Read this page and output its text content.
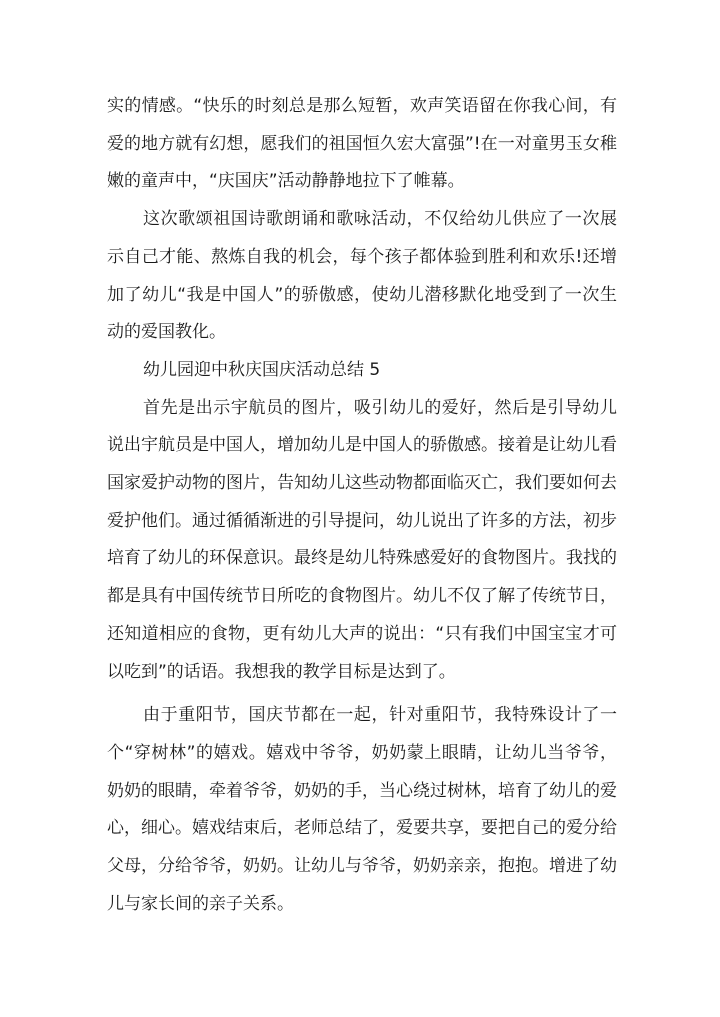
实的情感。“快乐的时刻总是那么短暂，欢声笑语留在你我心间，有爱的地方就有幻想，愿我们的祖国恒久宏大富强”!在一对童男玉女稚嫩的童声中，“庆国庆”活动静静地拉下了帷幕。

这次歌颂祖国诗歌朗诵和歌咏活动，不仅给幼儿供应了一次展示自己才能、熬炼自我的机会，每个孩子都体验到胜利和欢乐!还增加了幼儿“我是中国人”的骄傲感，使幼儿潜移默化地受到了一次生动的爱国教化。

幼儿园迎中秋庆国庆活动总结 5

首先是出示宇航员的图片，吸引幼儿的爱好，然后是引导幼儿说出宇航员是中国人，增加幼儿是中国人的骄傲感。接着是让幼儿看国家爱护动物的图片，告知幼儿这些动物都面临灭亡，我们要如何去爱护他们。通过循循渐进的引导提问，幼儿说出了许多的方法，初步培育了幼儿的环保意识。最终是幼儿特殊感爱好的食物图片。我找的都是具有中国传统节日所吃的食物图片。幼儿不仅了解了传统节日，还知道相应的食物，更有幼儿大声的说出：“只有我们中国宝宝才可以吃到”的话语。我想我的教学目标是达到了。

由于重阳节，国庆节都在一起，针对重阳节，我特殊设计了一个“穿树林”的嬉戏。嬉戏中爷爷，奶奶蒙上眼睛，让幼儿当爷爷，奶奶的眼睛，牵着爷爷，奶奶的手，当心绕过树林，培育了幼儿的爱心，细心。嬉戏结束后，老师总结了，爱要共享，要把自己的爱分给父母，分给爷爷，奶奶。让幼儿与爷爷，奶奶亲亲，抱抱。增进了幼儿与家长间的亲子关系。
